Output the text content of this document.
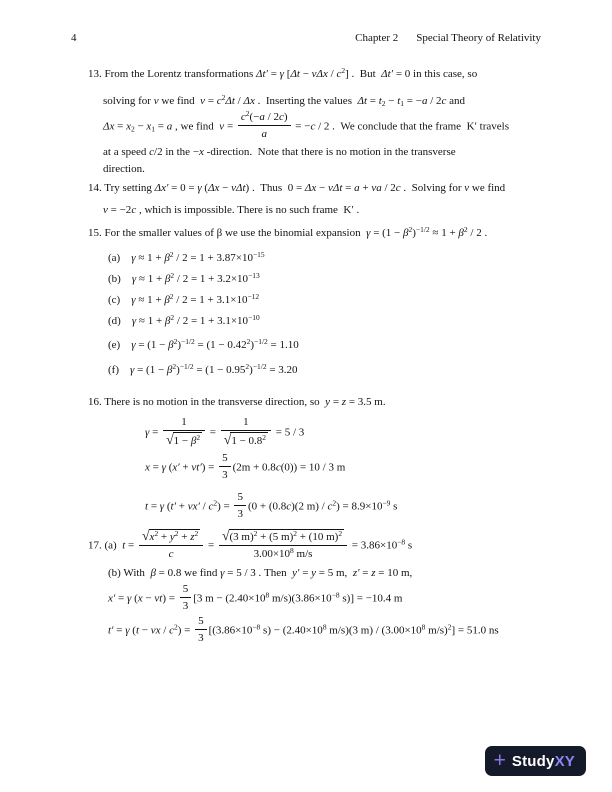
4	Chapter 2 Special Theory of Relativity
13. From the Lorentz transformations Δt′ = γ $[\Delta t - v\Delta x / c^2]$ . But Δt′ = 0 in this case, so
solving for v we find $v = c^2\Delta t / \Delta x$ . Inserting the values $\Delta t = t_2 - t_1 = -a / 2c$ and
$\Delta x = x_2 - x_1 = a$ , we find $v = \frac{c^2(-a / 2c)}{a} = -c / 2$ . We conclude that the frame K′ travels
at a speed c/2 in the −x -direction. Note that there is no motion in the transverse
direction.
14. Try setting Δx′ = 0 = γ (Δx − vΔt) . Thus 0 = Δx − vΔt = a + va / 2c . Solving for v we find
v = −2c , which is impossible. There is no such frame K′ .
15. For the smaller values of β we use the binomial expansion $\gamma = (1 - \beta^2)^{-1/2} \approx 1 + \beta^2 / 2$ .
(a) $\gamma \approx 1 + \beta^2 / 2 = 1 + 3.87\times 10^{-15}$
(b) $\gamma \approx 1 + \beta^2 / 2 = 1 + 3.2\times 10^{-13}$
(c) $\gamma \approx 1 + \beta^2 / 2 = 1 + 3.1\times 10^{-12}$
(d) $\gamma \approx 1 + \beta^2 / 2 = 1 + 3.1\times 10^{-10}$
(e) $\gamma = (1 - \beta^2)^{-1/2} = (1 - 0.42^2)^{-1/2} = 1.10$
(f) $\gamma = (1 - \beta^2)^{-1/2} = (1 - 0.95^2)^{-1/2} = 3.20$
16. There is no motion in the transverse direction, so y = z = 3.5 m.
$\gamma = \frac{1}{√1 - \beta^2} = \frac{1}{√1 - 0.8^2} = 5 / 3$
x = γ $(x' + vt') = \frac{5}{3} (2m + 0.8c(0)) = 10 / 3$ m
t = γ $(t' + vx' / c^2) = \frac{5}{3} (0 + (0.8c)(2$ $m) / c^2) = 8.9\times 10^{-9}$ s
17. (a) $t = \frac{√x^2 + y^2 + z^2}{c} = \frac{√(3 m)^2 + (5 m)^2 + (10 m)^2}{3.00\times 10^8 m/s} = 3.86\times 10^{-8}$ s
(b) With β = 0.8 we find γ = 5 / 3 . Then y′ = y = 5 m, z′ = z = 10 m,
x′ = γ $(x - vt) = \frac{5}{3} [3$ $m - (2.40\times 10^8$ $m/s)(3.86\times 10^{-8}$ s)] = −10.4 m
t′ = γ (t − vx / $c^2) = \frac{5}{3} [(3.86\times 10^{-8}$ $s) - (2.40\times 10^8$ m/s)(3 $m) / (3.00\times 10^8$ m/s)$^2$] = 51.0 ns
+ StudyXY
